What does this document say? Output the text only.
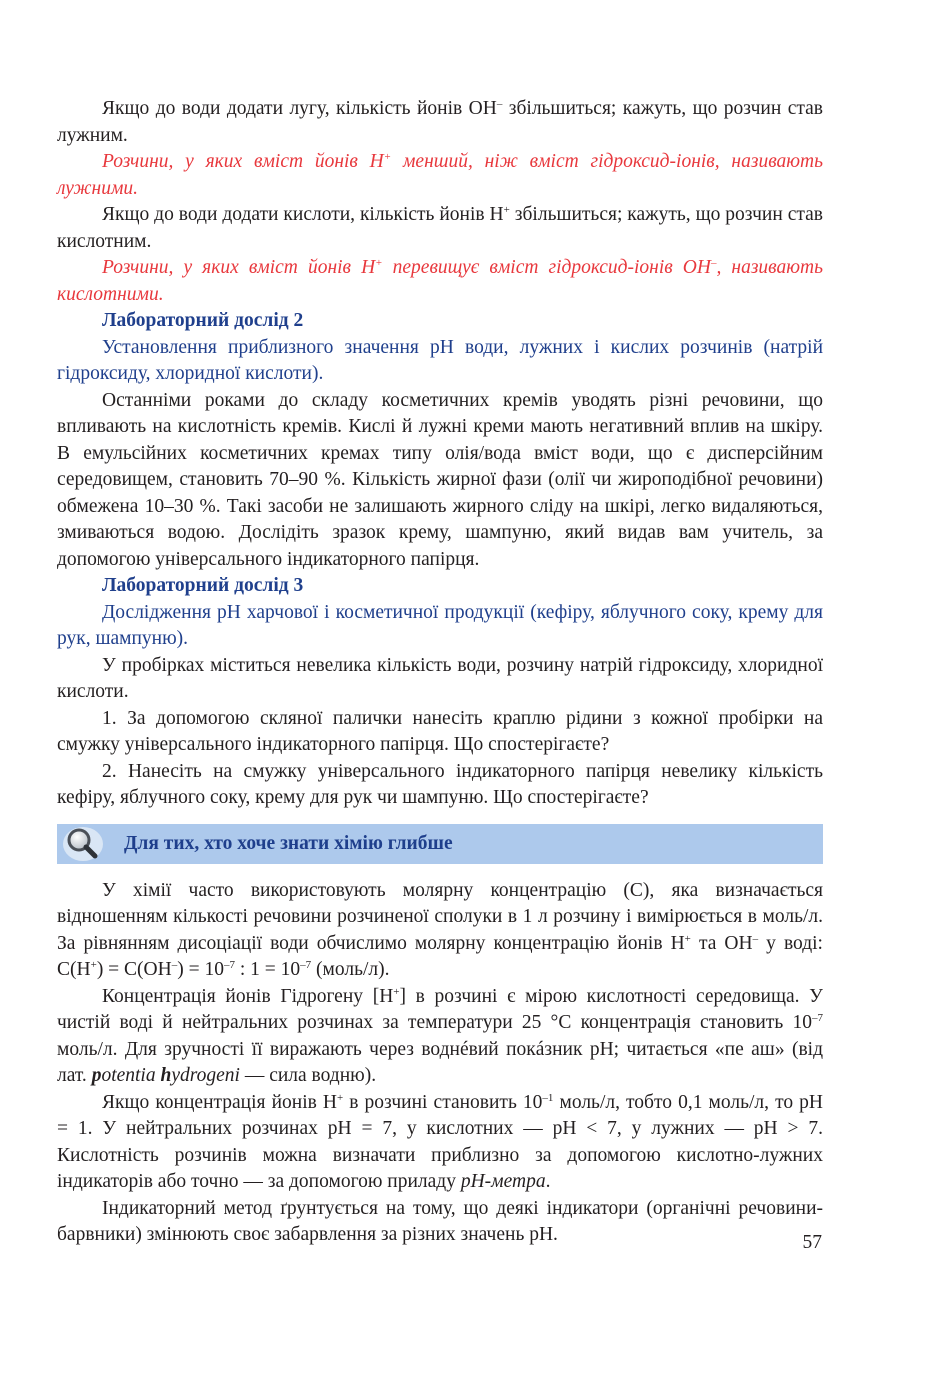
Якщо до води додати лугу, кількість йонів OH– збільшиться; кажуть, що розчин став лужним.

Розчини, у яких вміст йонів H+ менший, ніж вміст гідроксид-іонів, називають лужними.

Якщо до води додати кислоти, кількість йонів H+ збільшиться; кажуть, що розчин став кислотним.

Розчини, у яких вміст йонів H+ перевищує вміст гідроксид-іонів OH–, називають кислотними.

Лабораторний дослід 2

Установлення приблизного значення pH води, лужних і кислих розчинів (натрій гідроксиду, хлоридної кислоти).

Останніми роками до складу косметичних кремів уводять різні речовини, що впливають на кислотність кремів. Кислі й лужні креми мають негативний вплив на шкіру. В емульсійних косметичних кремах типу олія/вода вміст води, що є дисперсійним середовищем, становить 70–90 %. Кількість жирної фази (олії чи жироподібної речовини) обмежена 10–30 %. Такі засоби не залишають жирного сліду на шкірі, легко видаляються, змиваються водою. Дослідіть зразок крему, шампуню, який видав вам учитель, за допомогою універсального індикаторного папірця.

Лабораторний дослід 3

Дослідження pH харчової і косметичної продукції (кефіру, яблучного соку, крему для рук, шампуню).

У пробірках міститься невелика кількість води, розчину натрій гідроксиду, хлоридної кислоти.

1. За допомогою скляної палички нанесіть краплю рідини з кожної пробірки на смужку універсального індикаторного папірця. Що спостерігаєте?

2. Нанесіть на смужку універсального індикаторного папірця невелику кількість кефіру, яблучного соку, крему для рук чи шампуню. Що спостерігаєте?

Для тих, хто хоче знати хімію глибше

У хімії часто використовують молярну концентрацію (С), яка визначається відношенням кількості речовини розчиненої сполуки в 1 л розчину і вимірюється в моль/л. За рівнянням дисоціації води обчислимо молярну концентрацію йонів H+ та OH– у воді: $C(H^+) = C(OH^-) = 10^{-7}$ : $1 = 10^{-7}$ (моль/л).

Концентрація йонів Гідрогену [H+] в розчині є мірою кислотності середовища. У чистій воді й нейтральних розчинах за температури 25 °С концентрація становить $10^{-7}$ моль/л. Для зручності її виражають через воднéвий покáзник pH; читається «пе аш» (від лат. potentia hydrogeni — сила водню).

Якщо концентрація йонів H+ в розчині становить $10^{-1}$ моль/л, тобто 0,1 моль/л, то pH = 1. У нейтральних розчинах pH = 7, у кислотних — pH < 7, у лужних — pH > 7. Кислотність розчинів можна визначати приблизно за допомогою кислотно-лужних індикаторів або точно — за допомогою приладу pH-метра.

Індикаторний метод ґрунтується на тому, що деякі індикатори (органічні речовини-барвники) змінюють своє забарвлення за різних значень pH.	57
